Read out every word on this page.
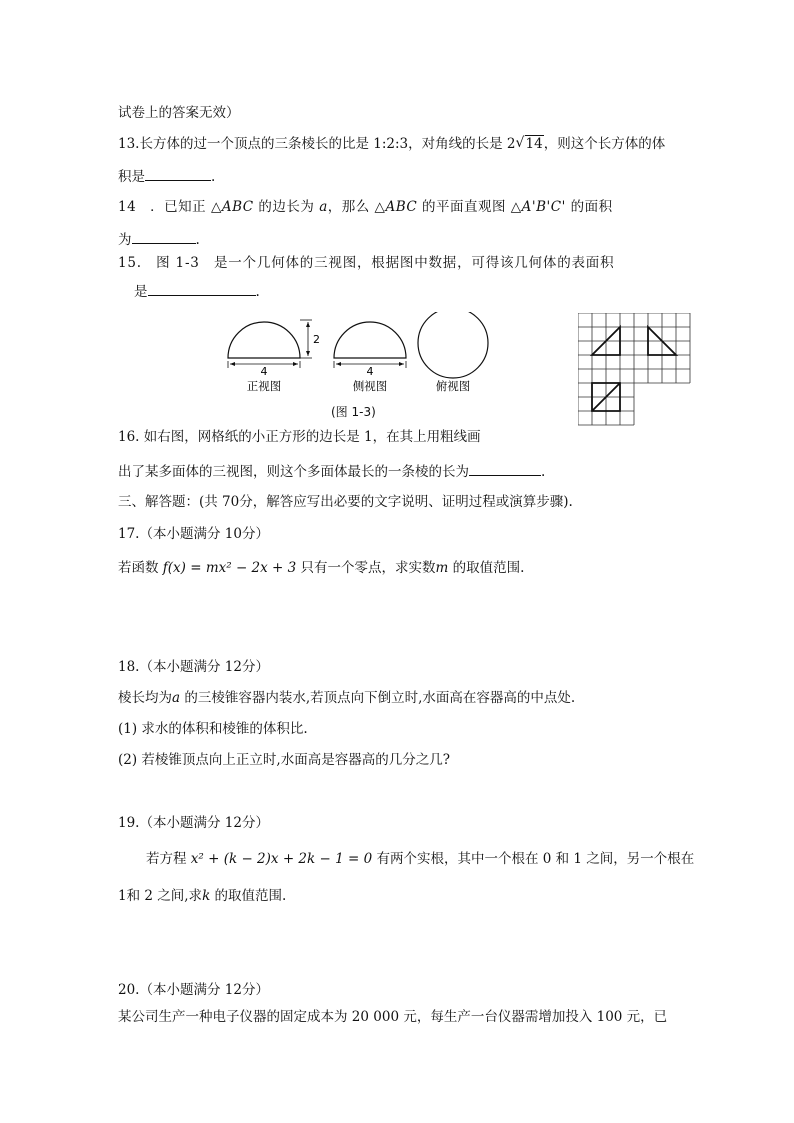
试卷上的答案无效）
13.长方体的过一个顶点的三条棱长的比是 1:2:3，对角线的长是 2 √ 14，则这个长方体的体
积是	.
14　．已知正 △ABC 的边长为 a，那么 △ABC 的平面直观图 △A'B'C' 的面积
为	.
15.　图 1-3　是一个几何体的三视图，根据图中数据，可得该几何体的表面积
是	.
4
2
正视图
4
侧视图	俯视图
(图 1-3)
16. 如右图，网格纸的小正方形的边长是 1，在其上用粗线画
出了某多面体的三视图，则这个多面体最长的一条棱的长为	.
三、解答题：(共 70分，解答应写出必要的文字说明、证明过程或演算步骤).
17.（本小题满分 10分）
若函数 f(x) = mx² − 2x + 3 只有一个零点，求实数m 的取值范围.
18.（本小题满分 12分）
棱长均为a 的三棱锥容器内装水,若顶点向下倒立时,水面高在容器高的中点处.
(1) 求水的体积和棱锥的体积比.
(2) 若棱锥顶点向上正立时,水面高是容器高的几分之几?
19.（本小题满分 12分）
若方程 x² + (k − 2)x + 2k − 1 = 0 有两个实根，其中一个根在 0 和 1 之间，另一个根在
1和 2 之间,求k 的取值范围.
20.（本小题满分 12分）
某公司生产一种电子仪器的固定成本为 20 000 元，每生产一台仪器需增加投入 100 元，已
